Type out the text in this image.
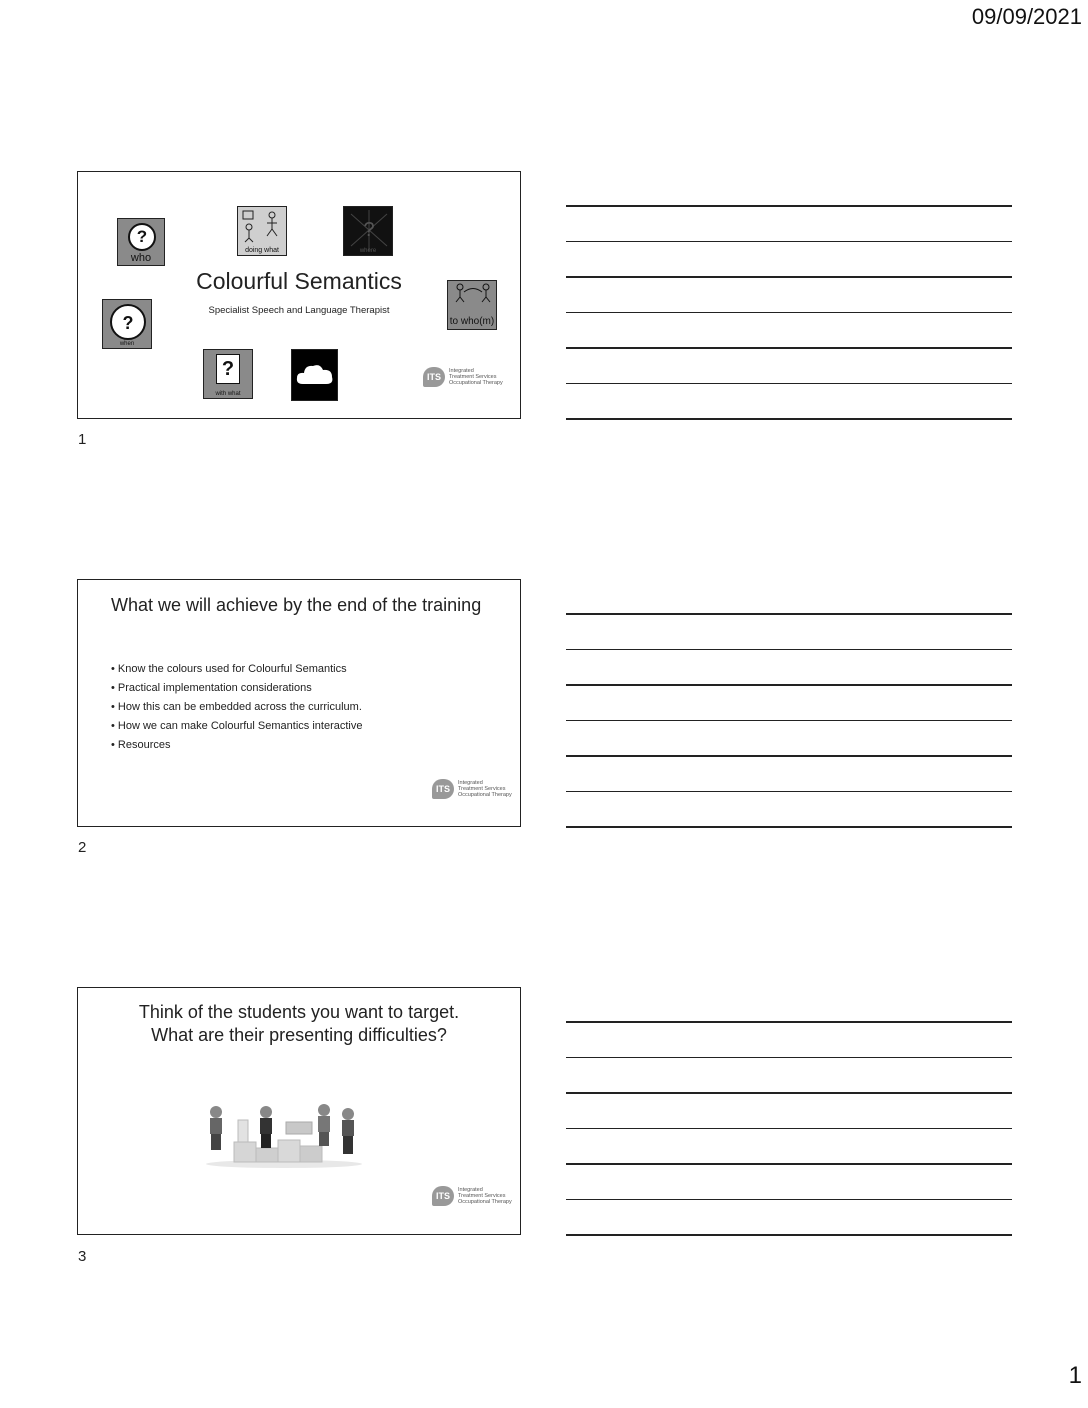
09/09/2021
?
who
doing what
?
where
to who(m)
?
when
?
with what
Colourful Semantics
Specialist Speech and Language Therapist
ITS
Integrated
Treatment Services
Occupational Therapy
1
What we will achieve by the end of the training
• Know the colours used for Colourful Semantics
• Practical implementation considerations
• How this can be embedded across the curriculum.
• How we can make Colourful Semantics interactive
• Resources
ITS
Integrated
Treatment Services
Occupational Therapy
2
Think of the students you want to target.
What are their presenting difficulties?
ITS
Integrated
Treatment Services
Occupational Therapy
3
1
